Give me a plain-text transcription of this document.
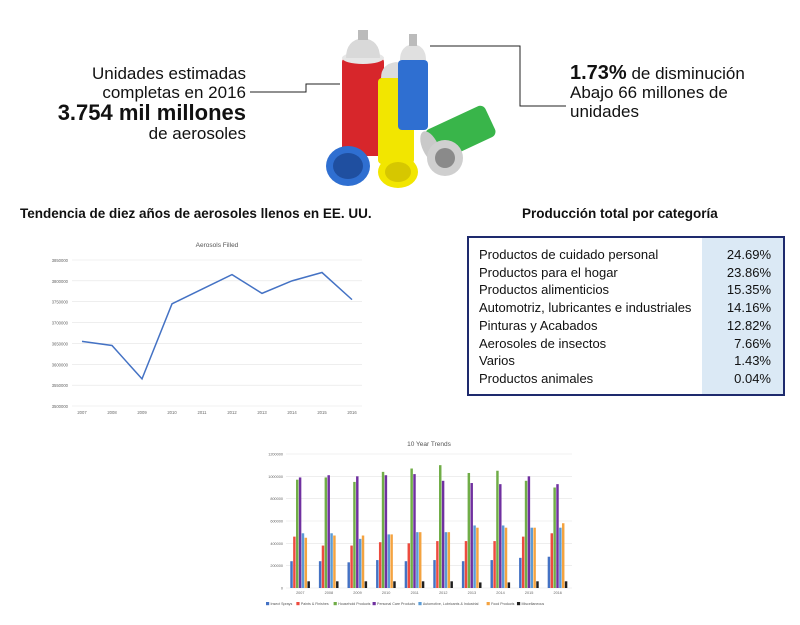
Unidades estimadas
completas en 2016
3.754 mil millones
de aerosoles
1.73% de disminución
Abajo 66 millones de
unidades
Tendencia de diez años de aerosoles llenos en EE. UU.	Producción total por categoría
Productos de cuidado personal	24.69%
Productos para el hogar	23.86%
Productos alimenticios	15.35%
Automotriz, lubricantes e industriales	14.16%
Pinturas y Acabados	12.82%
Aerosoles de insectos	7.66%
Varios	1.43%
Productos animales	0.04%
Aerosols Filled
3500000
3550000
3600000
3650000
3700000
3750000
3800000
3850000
2007	2008	2009	2010	2011	2012	2013	2014	2015	2016
10 Year Trends
0
200000
400000
600000
800000
1000000
1200000
2007	2008	2009	2010	2011	2012	2013	2014	2015	2016
Insect Sprays Paints & Finishes	Household Products Personal Care Products Automotive, Lubricants & Industrial	Food Products Miscellaneous
